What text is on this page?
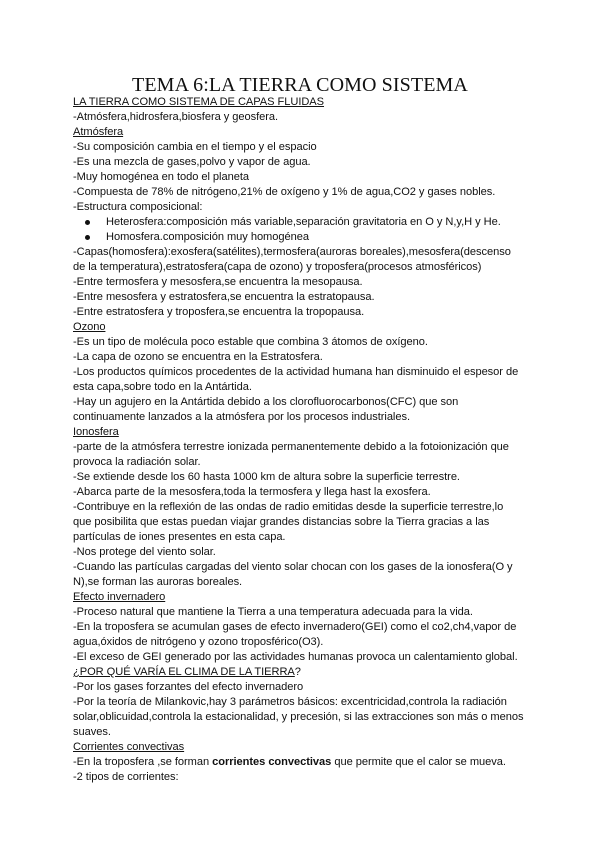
TEMA 6:LA TIERRA COMO SISTEMA
LA TIERRA COMO SISTEMA DE CAPAS FLUIDAS
-Atmósfera,hidrosfera,biosfera y geosfera.
Atmósfera
-Su composición cambia en el tiempo y el espacio
-Es una mezcla de gases,polvo y vapor de agua.
-Muy homogénea en todo el planeta
-Compuesta de 78% de nitrógeno,21% de oxígeno y 1% de agua,CO2 y gases nobles.
-Estructura composicional:
Heterosfera:composición más variable,separación gravitatoria en O y N,y,H y He.
Homosfera.composición muy homogénea
-Capas(homosfera):exosfera(satélites),termosfera(auroras boreales),mesosfera(descenso
de la temperatura),estratosfera(capa de ozono) y troposfera(procesos atmosféricos)
-Entre termosfera y mesosfera,se encuentra la mesopausa.
-Entre mesosfera y estratosfera,se encuentra la estratopausa.
-Entre estratosfera y troposfera,se encuentra la tropopausa.
Ozono
-Es un tipo de molécula poco estable que combina 3 átomos de oxígeno.
-La capa de ozono se encuentra en la Estratosfera.
-Los productos químicos procedentes de la actividad humana han disminuido el espesor de
esta capa,sobre todo en la Antártida.
-Hay un agujero en la Antártida debido a los clorofluorocarbonos(CFC) que son
continuamente lanzados a la atmósfera por los procesos industriales.
Ionosfera
-parte de la atmósfera terrestre ionizada permanentemente debido a la fotoionización que
provoca la radiación solar.
-Se extiende desde los 60 hasta 1000 km de altura sobre la superficie terrestre.
-Abarca parte de la mesosfera,toda la termosfera y llega hast la exosfera.
-Contribuye en la reflexión de las ondas de radio emitidas desde la superficie terrestre,lo
que posibilita que estas puedan viajar grandes distancias sobre la Tierra gracias a las
partículas de iones presentes en esta capa.
-Nos protege del viento solar.
-Cuando las partículas cargadas del viento solar chocan con los gases de la ionosfera(O y
N),se forman las auroras boreales.
Efecto invernadero
-Proceso natural que mantiene la Tierra a una temperatura adecuada para la vida.
-En la troposfera se acumulan gases de efecto invernadero(GEI) como el co2,ch4,vapor de
agua,óxidos de nitrógeno y ozono troposférico(O3).
-El exceso de GEI generado por las actividades humanas provoca un calentamiento global.
¿POR QUÉ VARÍA EL CLIMA DE LA TIERRA?
-Por los gases forzantes del efecto invernadero
-Por la teoría de Milankovic,hay 3 parámetros básicos: excentricidad,controla la radiación
solar,oblicuidad,controla la estacionalidad, y precesión, si las extracciones son más o menos
suaves.
Corrientes convectivas
-En la troposfera ,se forman corrientes convectivas que permite que el calor se mueva.
-2 tipos de corrientes:
